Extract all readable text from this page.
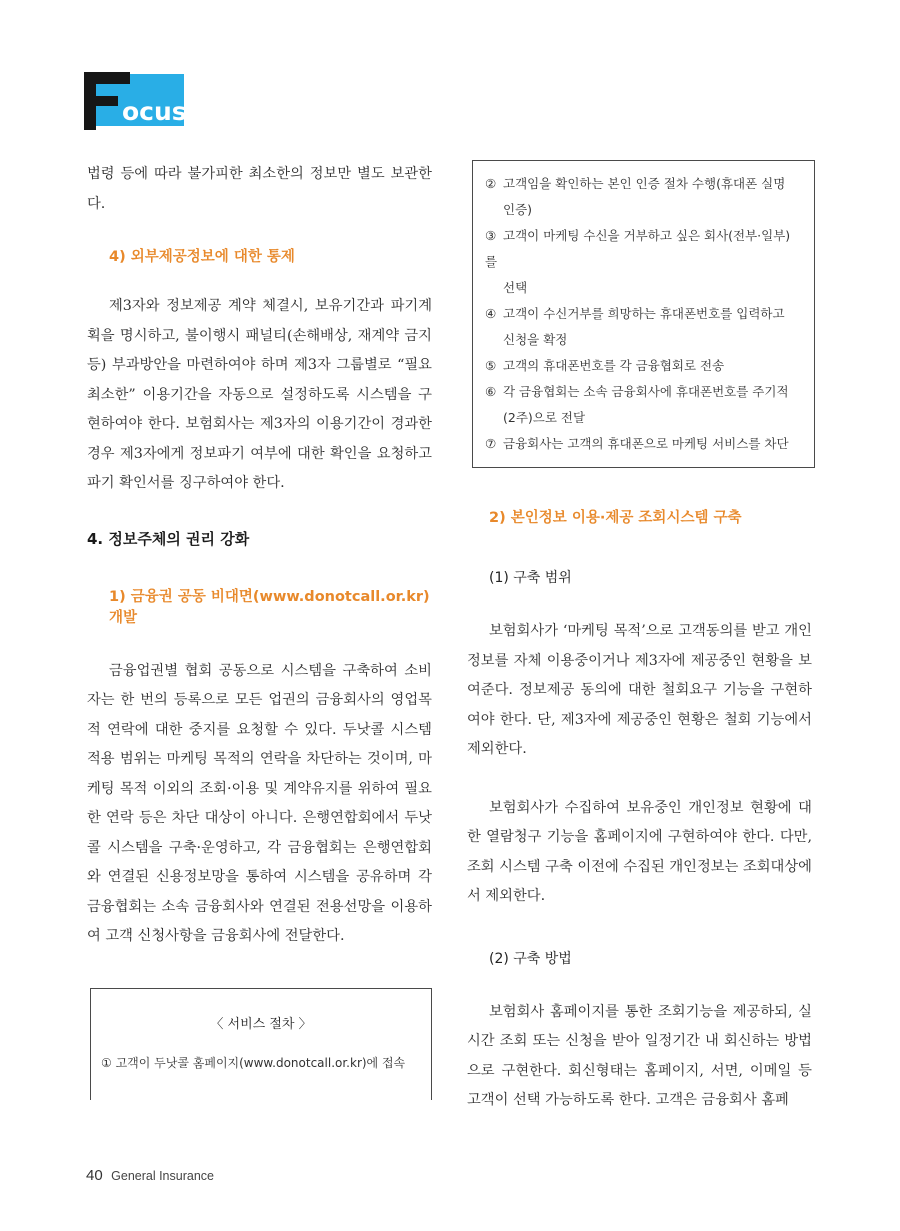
ocus

법령 등에 따라 불가피한 최소한의 정보만 별도 보관한다.

4) 외부제공정보에 대한 통제

제3자와 정보제공 계약 체결시, 보유기간과 파기계획을 명시하고, 불이행시 패널티(손해배상, 재계약 금지 등) 부과방안을 마련하여야 하며 제3자 그룹별로 “필요최소한” 이용기간을 자동으로 설정하도록 시스템을 구현하여야 한다. 보험회사는 제3자의 이용기간이 경과한 경우 제3자에게 정보파기 여부에 대한 확인을 요청하고 파기 확인서를 징구하여야 한다.

4. 정보주체의 권리 강화
1) 금융권 공동 비대면(www.donotcall.or.kr) 개발

금융업권별 협회 공동으로 시스템을 구축하여 소비자는 한 번의 등록으로 모든 업권의 금융회사의 영업목적 연락에 대한 중지를 요청할 수 있다. 두낫콜 시스템 적용 범위는 마케팅 목적의 연락을 차단하는 것이며, 마케팅 목적 이외의 조회·이용 및 계약유지를 위하여 필요한 연락 등은 차단 대상이 아니다. 은행연합회에서 두낫콜 시스템을 구축·운영하고, 각 금융협회는 은행연합회와 연결된 신용정보망을 통하여 시스템을 공유하며 각 금융협회는 소속 금융회사와 연결된 전용선망을 이용하여 고객 신청사항을 금융회사에 전달한다.

〈 서비스 절차 〉
① 고객이 두낫콜 홈페이지(www.donotcall.or.kr)에 접속
② 고객임을 확인하는 본인 인증 절차 수행(휴대폰 실명
인증)
③ 고객이 마케팅 수신을 거부하고 싶은 회사(전부·일부)를
선택
④ 고객이 수신거부를 희망하는 휴대폰번호를 입력하고
신청을 확정
⑤ 고객의 휴대폰번호를 각 금융협회로 전송
⑥ 각 금융협회는 소속 금융회사에 휴대폰번호를 주기적
(2주)으로 전달
⑦ 금융회사는 고객의 휴대폰으로 마케팅 서비스를 차단
2) 본인정보 이용·제공 조회시스템 구축
(1) 구축 범위

보험회사가 ‘마케팅 목적’으로 고객동의를 받고 개인정보를 자체 이용중이거나 제3자에 제공중인 현황을 보여준다. 정보제공 동의에 대한 철회요구 기능을 구현하여야 한다. 단, 제3자에 제공중인 현황은 철회 기능에서 제외한다.

보험회사가 수집하여 보유중인 개인정보 현황에 대한 열람청구 기능을 홈페이지에 구현하여야 한다. 다만, 조회 시스템 구축 이전에 수집된 개인정보는 조회대상에서 제외한다.

(2) 구축 방법

보험회사 홈페이지를 통한 조회기능을 제공하되, 실시간 조회 또는 신청을 받아 일정기간 내 회신하는 방법으로 구현한다. 회신형태는 홈페이지, 서면, 이메일 등 고객이 선택 가능하도록 한다. 고객은 금융회사 홈페

40 General Insurance
